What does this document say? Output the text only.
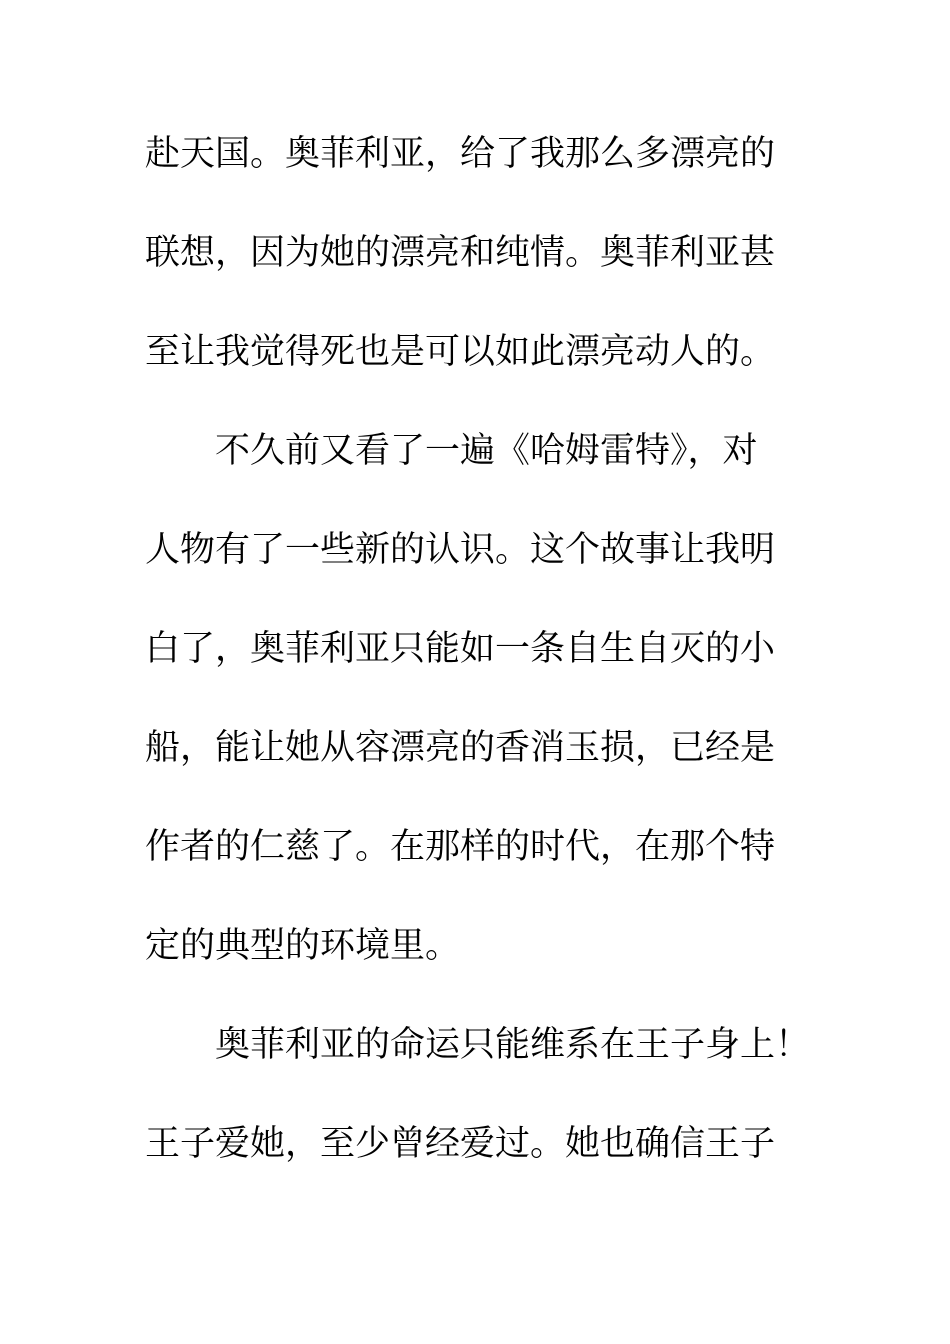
赴天国。奥菲利亚，给了我那么多漂亮的
联想，因为她的漂亮和纯情。奥菲利亚甚
至让我觉得死也是可以如此漂亮动人的。
不久前又看了一遍《哈姆雷特》，对
人物有了一些新的认识。这个故事让我明
白了，奥菲利亚只能如一条自生自灭的小
船，能让她从容漂亮的香消玉损，已经是
作者的仁慈了。在那样的时代，在那个特
定的典型的环境里。
奥菲利亚的命运只能维系在王子身上！
王子爱她，至少曾经爱过。她也确信王子
